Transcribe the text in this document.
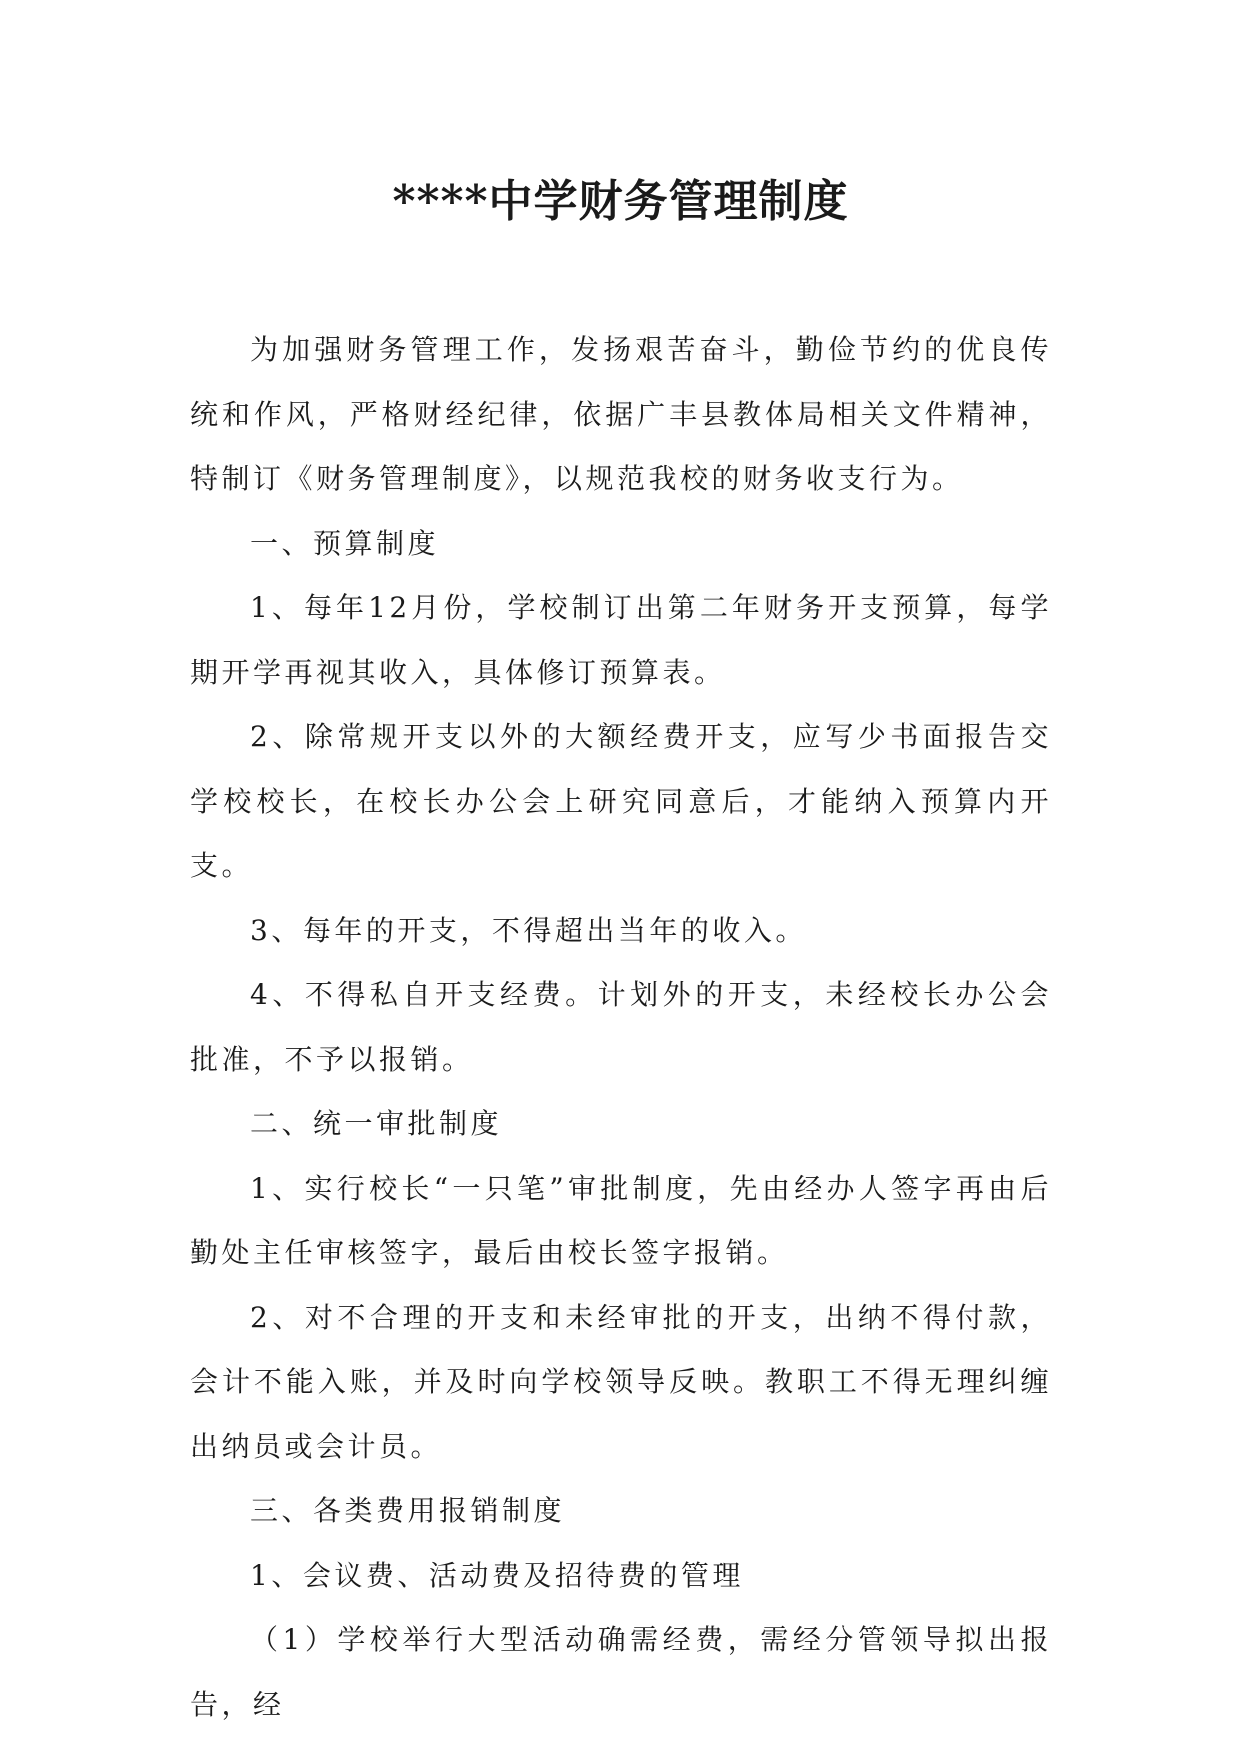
****中学财务管理制度

为加强财务管理工作，发扬艰苦奋斗，勤俭节约的优良传统和作风，严格财经纪律，依据广丰县教体局相关文件精神，特制订《财务管理制度》，以规范我校的财务收支行为。

一、预算制度

1、每年12月份，学校制订出第二年财务开支预算，每学期开学再视其收入，具体修订预算表。

2、除常规开支以外的大额经费开支，应写少书面报告交学校校长，在校长办公会上研究同意后，才能纳入预算内开支。

3、每年的开支，不得超出当年的收入。

4、不得私自开支经费。计划外的开支，未经校长办公会批准，不予以报销。

二、统一审批制度

1、实行校长“一只笔”审批制度，先由经办人签字再由后勤处主任审核签字，最后由校长签字报销。

2、对不合理的开支和未经审批的开支，出纳不得付款，会计不能入账，并及时向学校领导反映。教职工不得无理纠缠出纳员或会计员。

三、各类费用报销制度

1、会议费、活动费及招待费的管理

（1）学校举行大型活动确需经费，需经分管领导拟出报告，经
